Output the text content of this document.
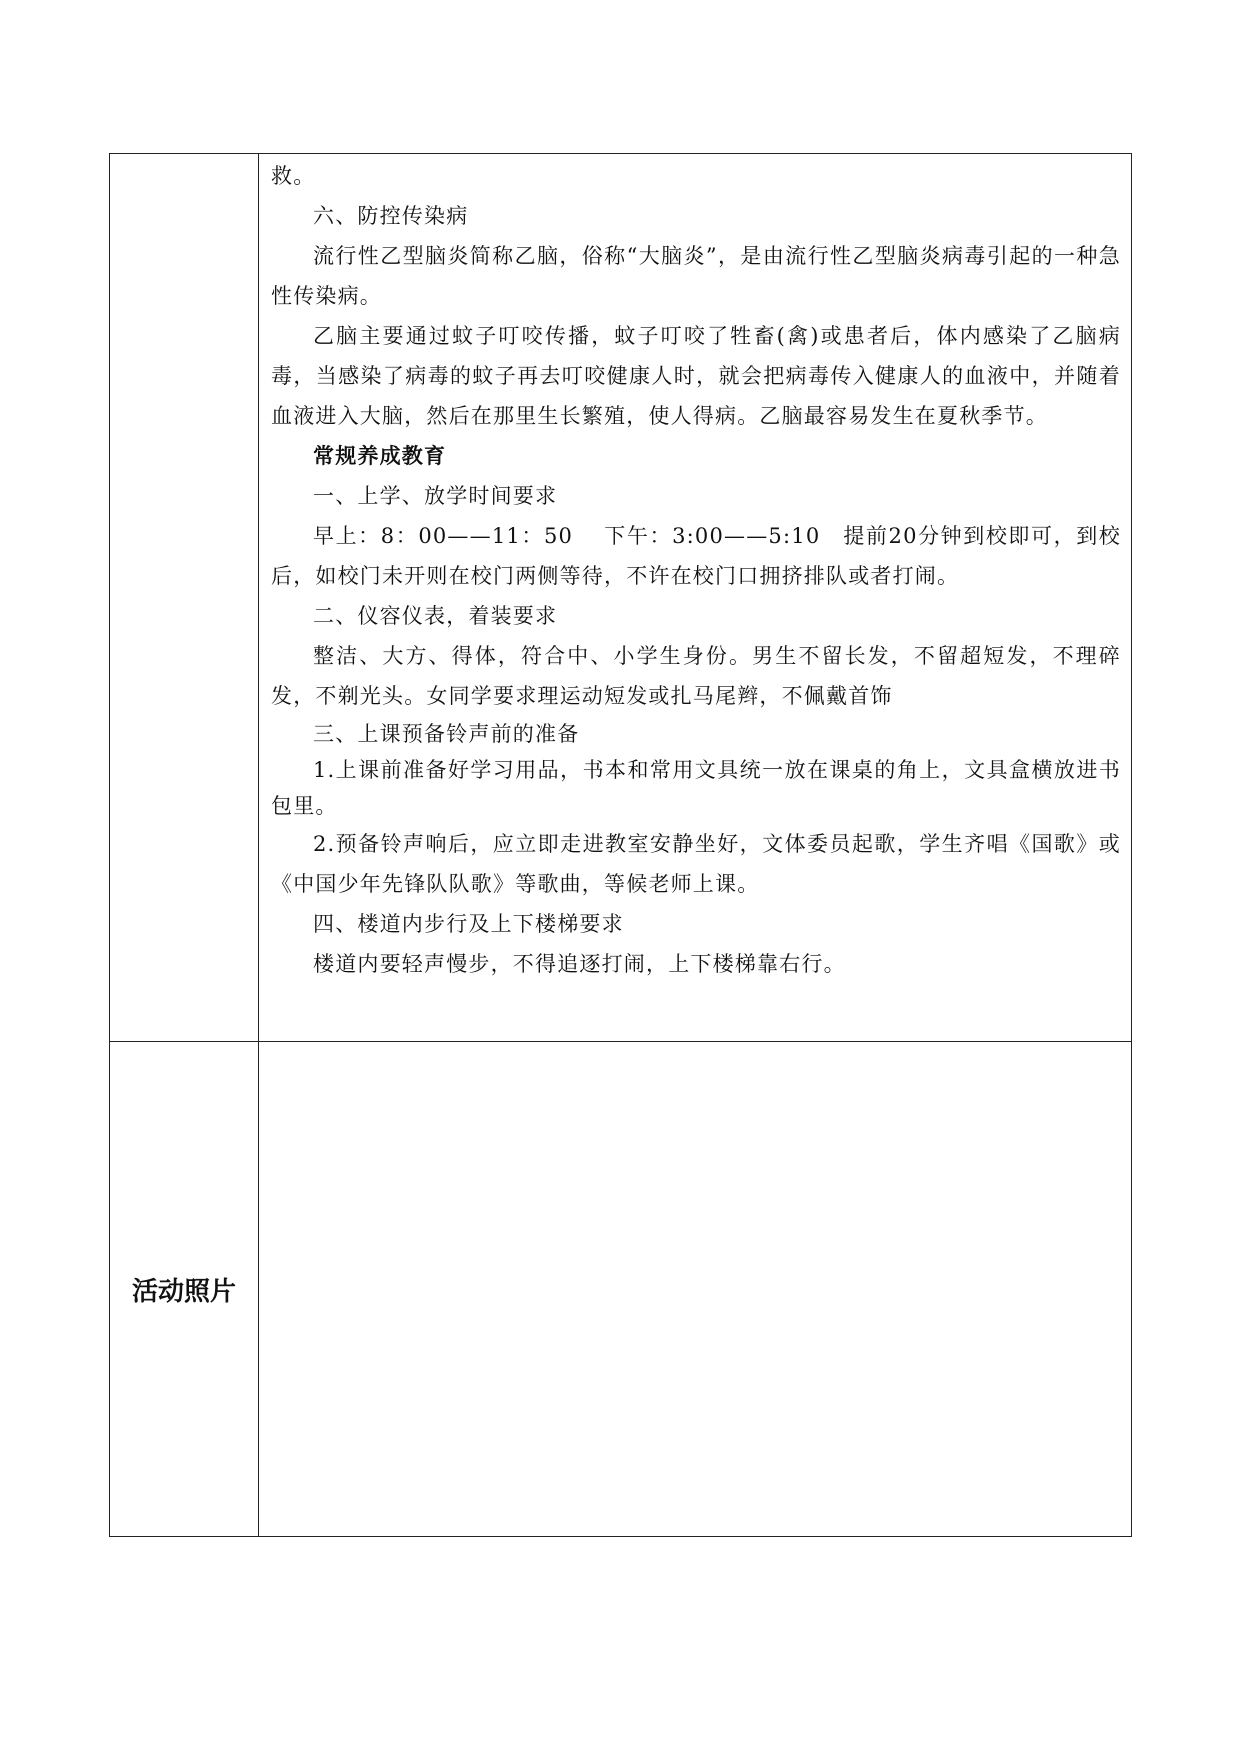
救。

六、防控传染病

流行性乙型脑炎简称乙脑，俗称“大脑炎”，是由流行性乙型脑炎病毒引起的一种急性传染病。

乙脑主要通过蚊子叮咬传播，蚊子叮咬了牲畜(禽)或患者后，体内感染了乙脑病毒，当感染了病毒的蚊子再去叮咬健康人时，就会把病毒传入健康人的血液中，并随着血液进入大脑，然后在那里生长繁殖，使人得病。乙脑最容易发生在夏秋季节。

常规养成教育

一、上学、放学时间要求

早上：8：00——11：50　 下午：3:00——5:10　提前20分钟到校即可，到校后，如校门未开则在校门两侧等待，不许在校门口拥挤排队或者打闹。

二、仪容仪表，着装要求

整洁、大方、得体，符合中、小学生身份。男生不留长发，不留超短发，不理碎发，不剃光头。女同学要求理运动短发或扎马尾辫，不佩戴首饰

三、上课预备铃声前的准备

1.上课前准备好学习用品，书本和常用文具统一放在课桌的角上，文具盒横放进书包里。

2.预备铃声响后，应立即走进教室安静坐好，文体委员起歌，学生齐唱《国歌》或《中国少年先锋队队歌》等歌曲，等候老师上课。

四、楼道内步行及上下楼梯要求

楼道内要轻声慢步，不得追逐打闹，上下楼梯靠右行。

活动照片
